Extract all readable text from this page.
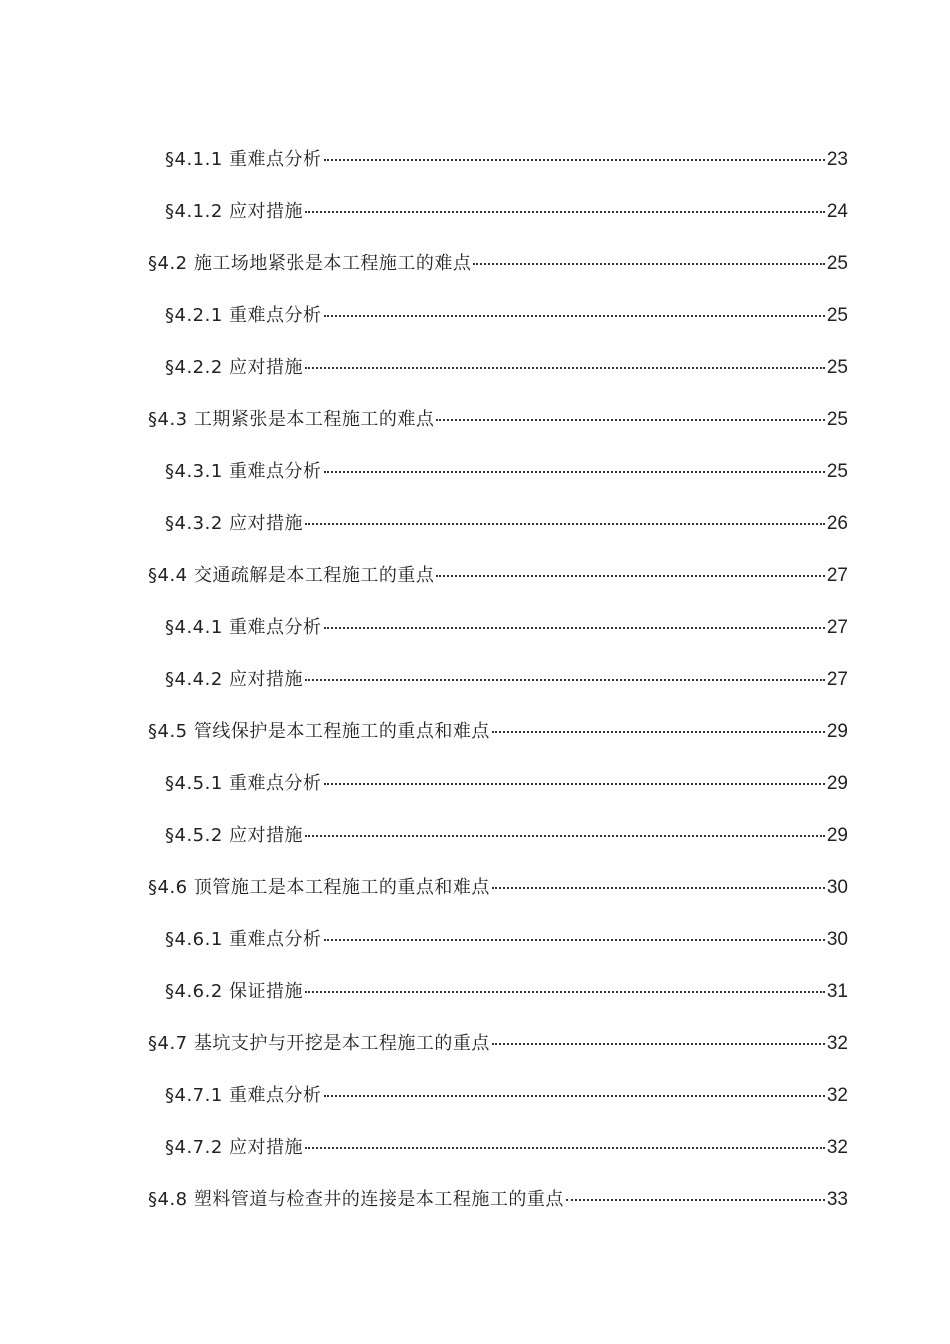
§4.1.1 重难点分析	23
§4.1.2 应对措施	24
§4.2 施工场地紧张是本工程施工的难点	25
§4.2.1 重难点分析	25
§4.2.2 应对措施	25
§4.3 工期紧张是本工程施工的难点	25
§4.3.1 重难点分析	25
§4.3.2 应对措施	26
§4.4 交通疏解是本工程施工的重点	27
§4.4.1 重难点分析	27
§4.4.2 应对措施	27
§4.5 管线保护是本工程施工的重点和难点	29
§4.5.1 重难点分析	29
§4.5.2 应对措施	29
§4.6 顶管施工是本工程施工的重点和难点	30
§4.6.1 重难点分析	30
§4.6.2 保证措施	31
§4.7 基坑支护与开挖是本工程施工的重点	32
§4.7.1 重难点分析	32
§4.7.2 应对措施	32
§4.8 塑料管道与检查井的连接是本工程施工的重点	33
